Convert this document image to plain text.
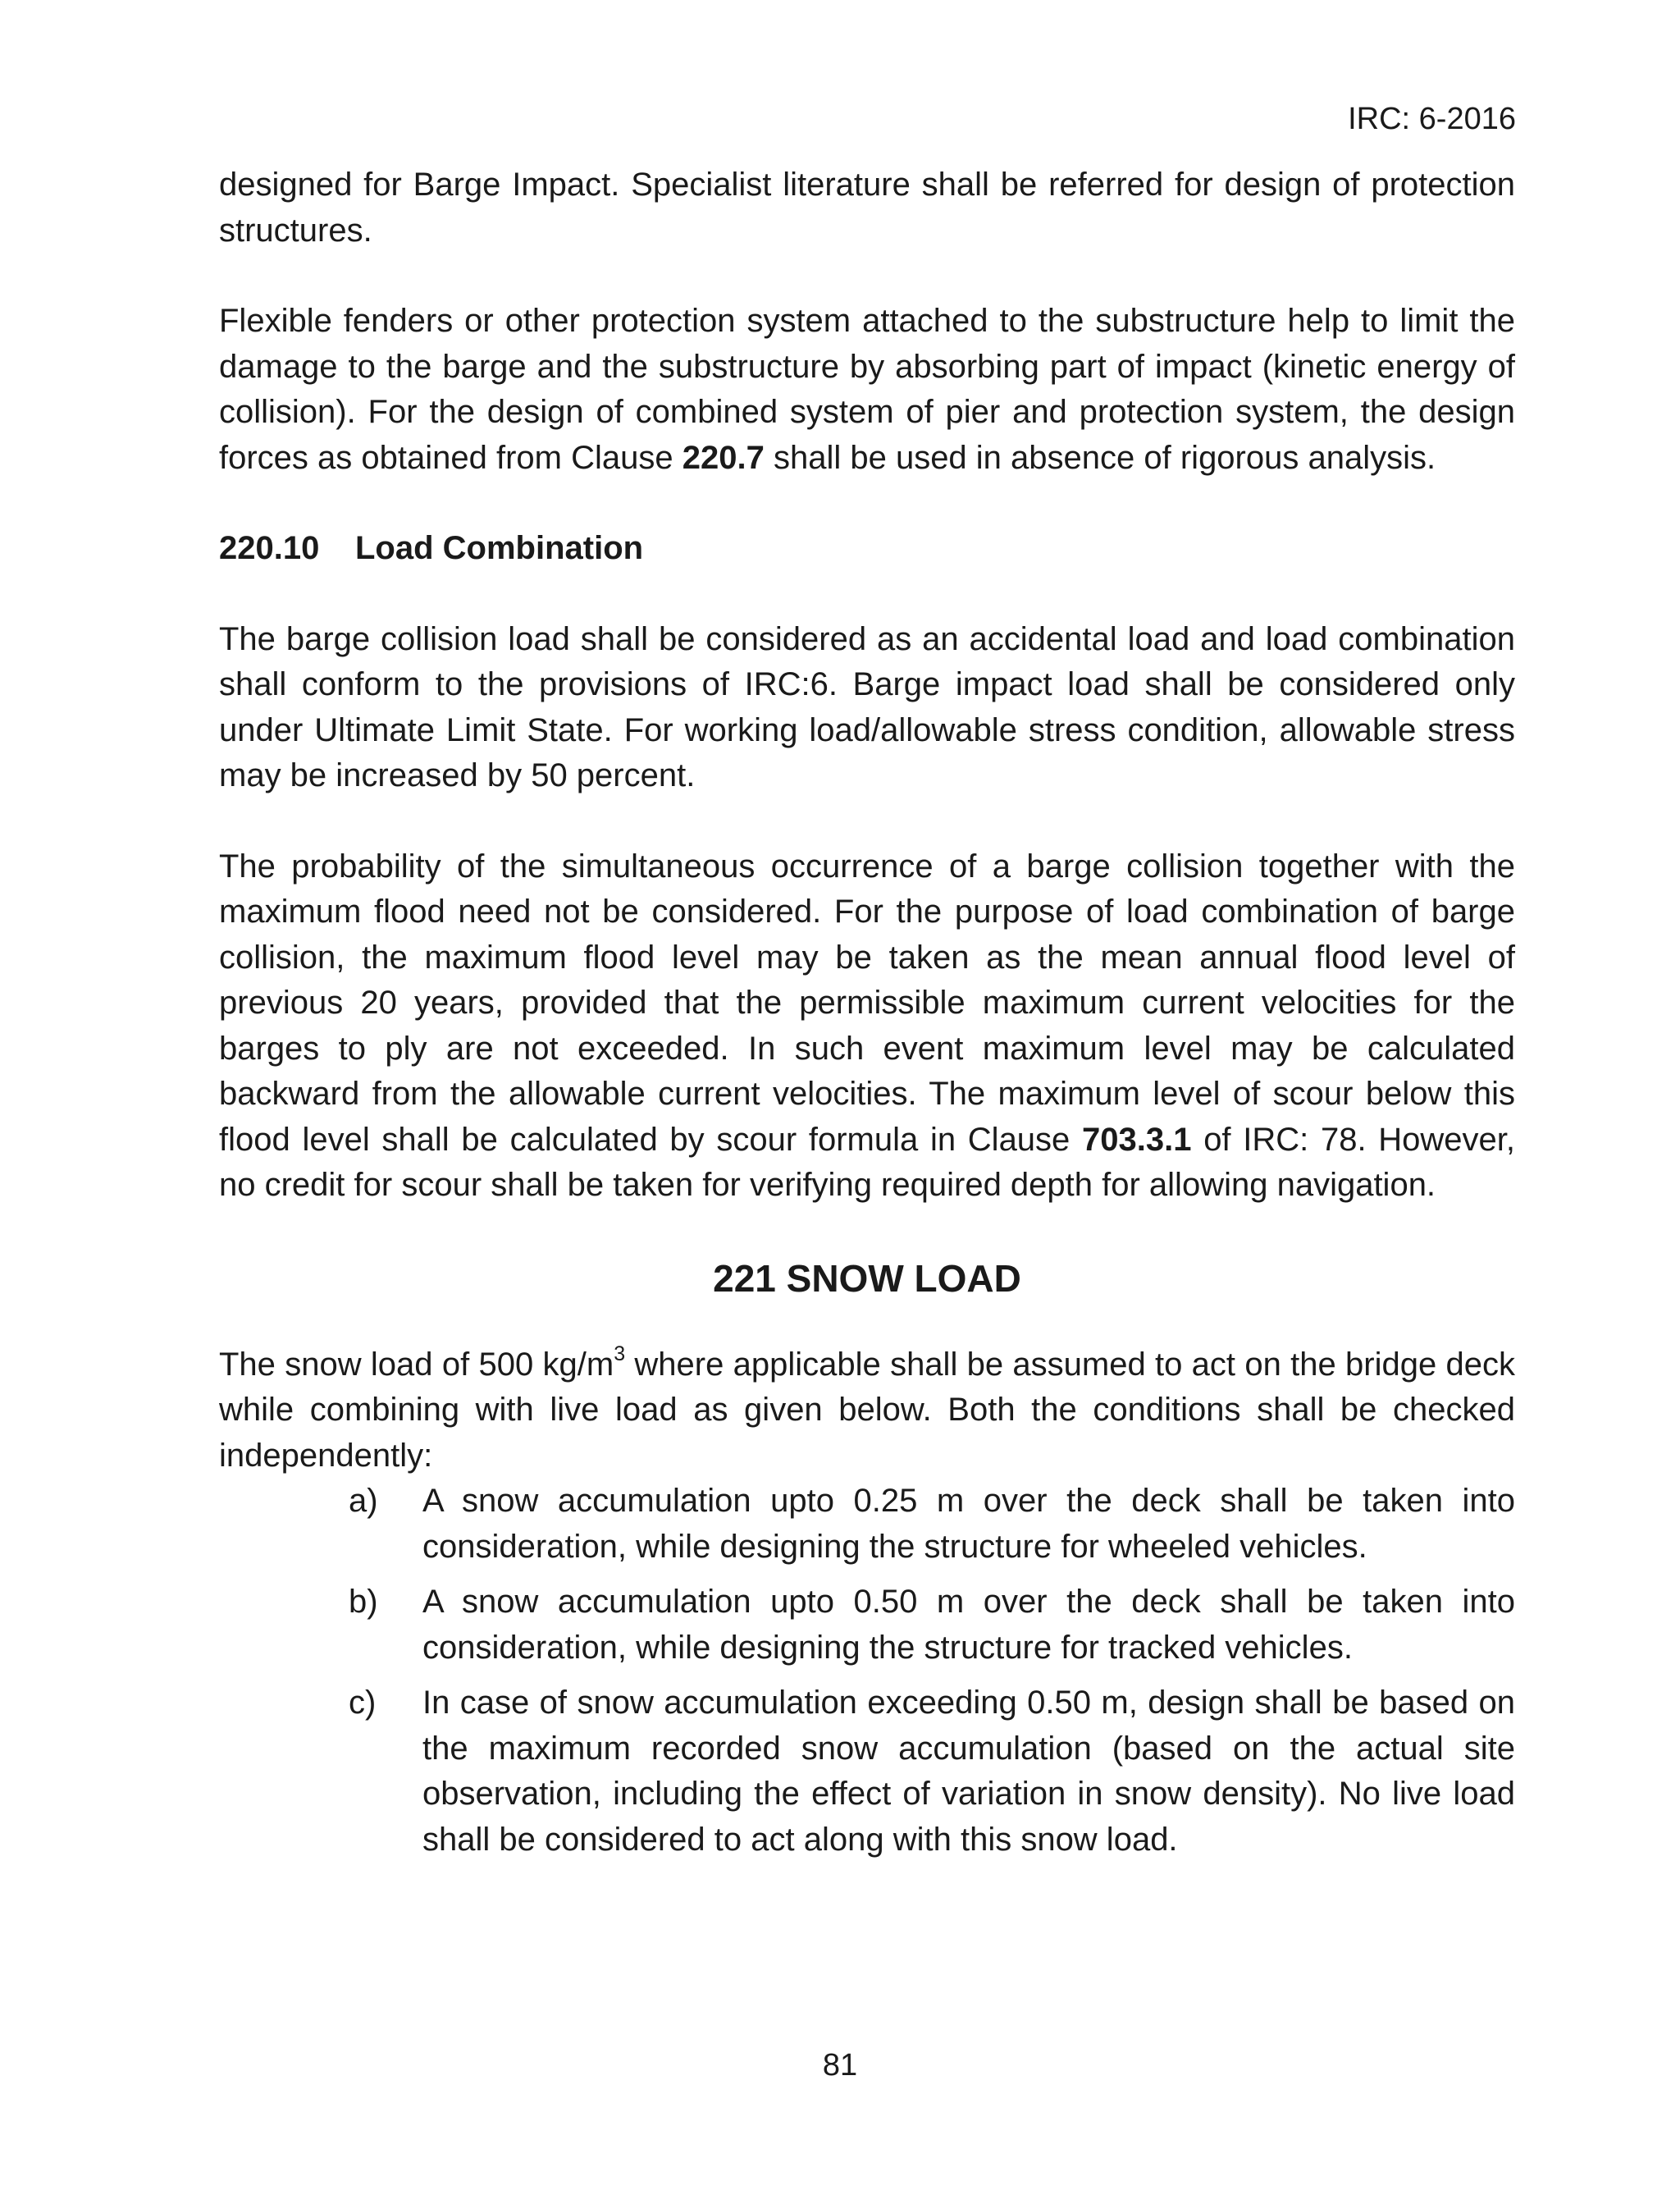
IRC: 6-2016

designed for Barge Impact. Specialist literature shall be referred for design of protection structures.

Flexible fenders or other protection system attached to the substructure help to limit the damage to the barge and the substructure by absorbing part of impact (kinetic energy of collision). For the design of combined system of pier and protection system, the design forces as obtained from Clause 220.7 shall be used in absence of rigorous analysis.

220.10 Load Combination

The barge collision load shall be considered as an accidental load and load combination shall conform to the provisions of IRC:6. Barge impact load shall be considered only under Ultimate Limit State. For working load/allowable stress condition, allowable stress may be increased by 50 percent.

The probability of the simultaneous occurrence of a barge collision together with the maximum flood need not be considered. For the purpose of load combination of barge collision, the maximum flood level may be taken as the mean annual flood level of previous 20 years, provided that the permissible maximum current velocities for the barges to ply are not exceeded. In such event maximum level may be calculated backward from the allowable current velocities. The maximum level of scour below this flood level shall be calculated by scour formula in Clause 703.3.1 of IRC: 78. However, no credit for scour shall be taken for verifying required depth for allowing navigation.

221 SNOW LOAD

The snow load of 500 $kg/m^3$ where applicable shall be assumed to act on the bridge deck while combining with live load as given below. Both the conditions shall be checked independently:

a) A snow accumulation upto 0.25 m over the deck shall be taken into consideration, while designing the structure for wheeled vehicles.
b) A snow accumulation upto 0.50 m over the deck shall be taken into consideration, while designing the structure for tracked vehicles.
c) In case of snow accumulation exceeding 0.50 m, design shall be based on the maximum recorded snow accumulation (based on the actual site observation, including the effect of variation in snow density). No live load shall be considered to act along with this snow load.
81
